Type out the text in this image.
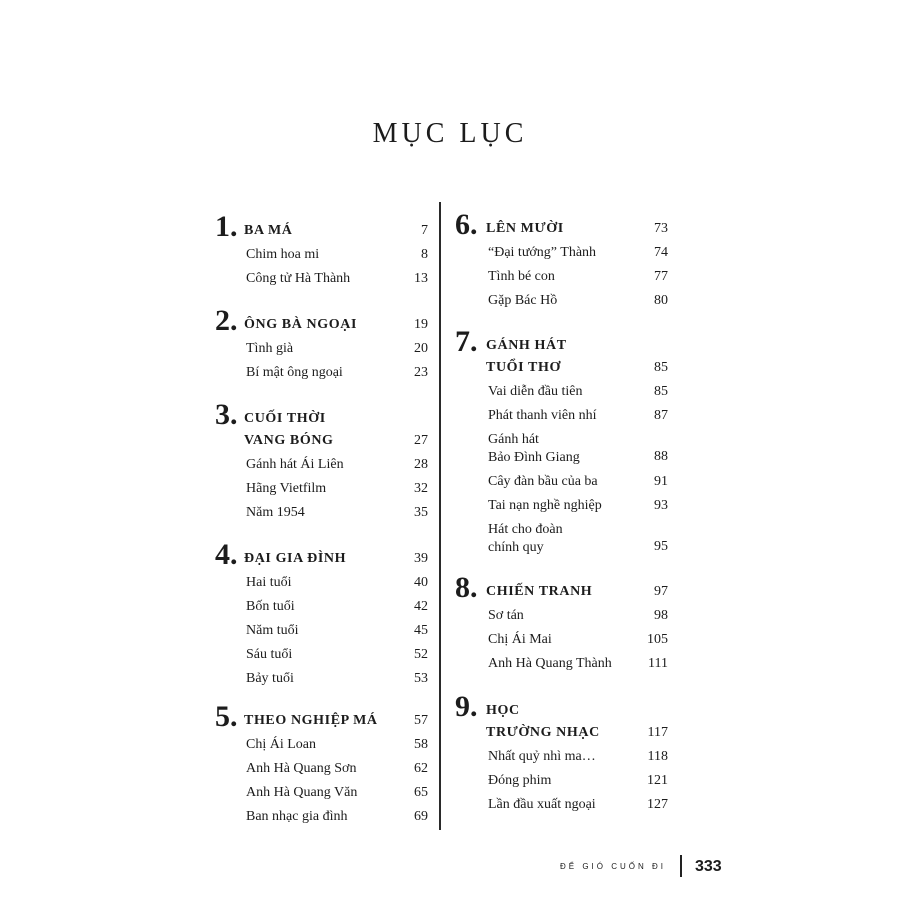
MỤC LỤC
1. BA MÁ	7
Chim hoa mi	8
Công tử Hà Thành	13
2. ÔNG BÀ NGOẠI	19
Tình già	20
Bí mật ông ngoại	23
3. CUỐI THỜI
VANG BÓNG	27
Gánh hát Ái Liên	28
Hãng Vietfilm	32
Năm 1954	35
4. ĐẠI GIA ĐÌNH	39
Hai tuổi	40
Bốn tuổi	42
Năm tuổi	45
Sáu tuổi	52
Bảy tuổi	53
5. THEO NGHIỆP MÁ	57
Chị Ái Loan	58
Anh Hà Quang Sơn	62
Anh Hà Quang Văn	65
Ban nhạc gia đình	69
6. LÊN MƯỜI	73
“Đại tướng” Thành	74
Tình bé con	77
Gặp Bác Hồ	80
7. GÁNH HÁT
TUỔI THƠ	85
Vai diễn đầu tiên	85
Phát thanh viên nhí	87
Gánh hát
Bảo Đình Giang	88
Cây đàn bầu của ba	91
Tai nạn nghề nghiệp	93
Hát cho đoàn
chính quy	95
8. CHIẾN TRANH	97
Sơ tán	98
Chị Ái Mai	105
Anh Hà Quang Thành	111
9. HỌC
TRƯỜNG NHẠC	117
Nhất quỷ nhì ma…	118
Đóng phim	121
Lần đầu xuất ngoại	127
ĐỂ GIÓ CUỐN ĐI 333
